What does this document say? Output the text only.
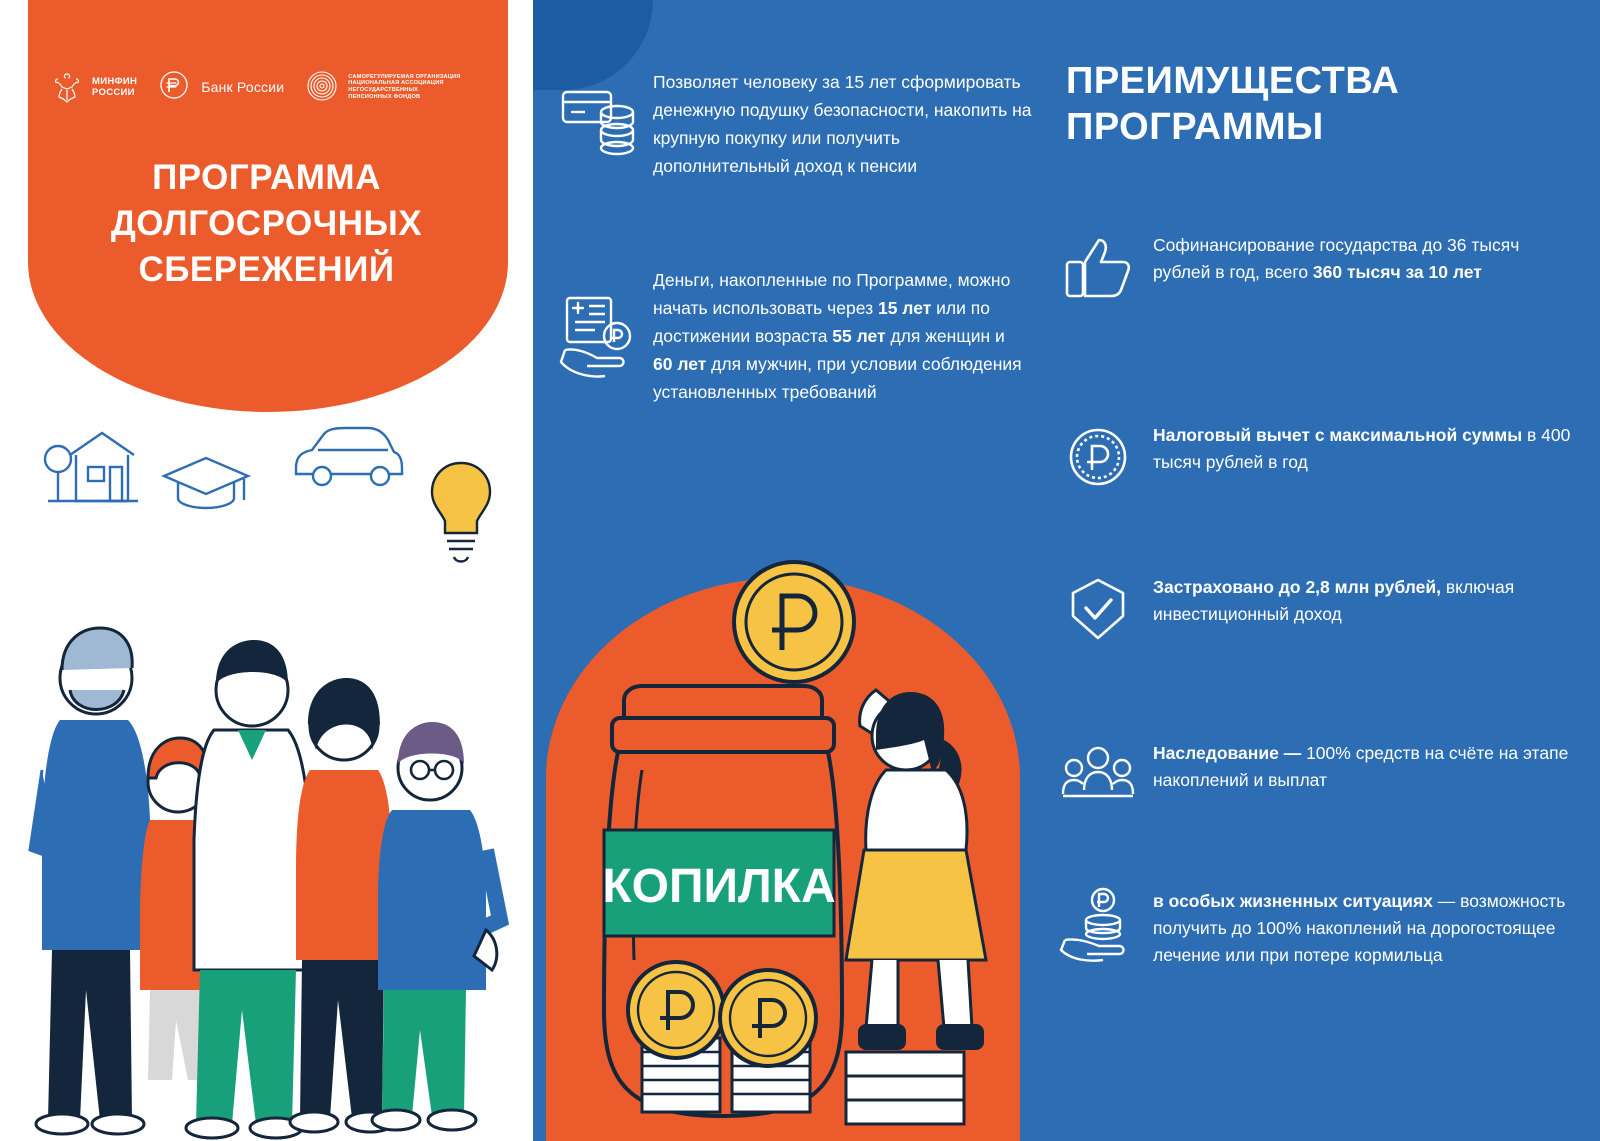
МИНФИН
РОССИИ	Банк России
САМОРЕГУЛИРУЕМАЯ ОРГАНИЗАЦИЯ
НАЦИОНАЛЬНАЯ АССОЦИАЦИЯ
НЕГОСУДАРСТВЕННЫХ
ПЕНСИОННЫХ ФОНДОВ
ПРОГРАММА
ДОЛГОСРОЧНЫХ
СБЕРЕЖЕНИЙ
Позволяет человеку за 15 лет сформировать денежную подушку безопасности, накопить на крупную покупку или получить дополнительный доход к пенсии
Деньги, накопленные по Программе, можно начать использовать через 15 лет или по достижении возраста 55 лет для женщин и 60 лет для мужчин, при условии соблюдения установленных требований
КОПИЛКА
ПРЕИМУЩЕСТВА
ПРОГРАММЫ
Софинансирование государства до 36 тысяч рублей в год, всего 360 тысяч за 10 лет
Налоговый вычет с максимальной суммы в 400 тысяч рублей в год
Застраховано до 2,8 млн рублей, включая инвестиционный доход
Наследование — 100% средств на счёте на этапе накоплений и выплат
в особых жизненных ситуациях — возможность получить до 100% накоплений на дорогостоящее лечение или при потере кормильца
